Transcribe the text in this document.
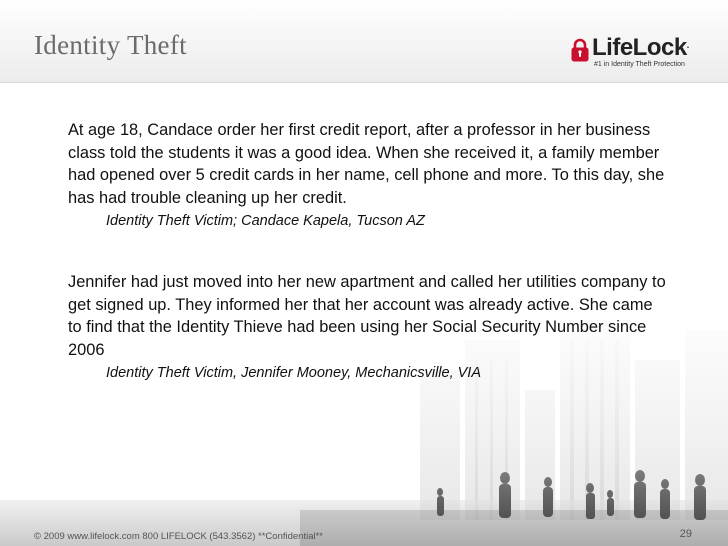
Identity Theft	LifeLock.
#1 in Identity Theft Protection

At age 18, Candace order her first credit report, after a professor in her business class told the students it was a good idea. When she received it, a family member had opened over 5 credit cards in her name, cell phone and more. To this day, she has had trouble cleaning up her credit.

Identity Theft Victim; Candace Kapela, Tucson AZ

Jennifer had just moved into her new apartment and called her utilities company to get signed up. They informed her that her account was already active. She came to find that the Identity Thieve had been using her Social Security Number since 2006

Identity Theft Victim, Jennifer Mooney, Mechanicsville, VIA

© 2009 www.lifelock.com 800 LIFELOCK (543.3562) **Confidential**	29
